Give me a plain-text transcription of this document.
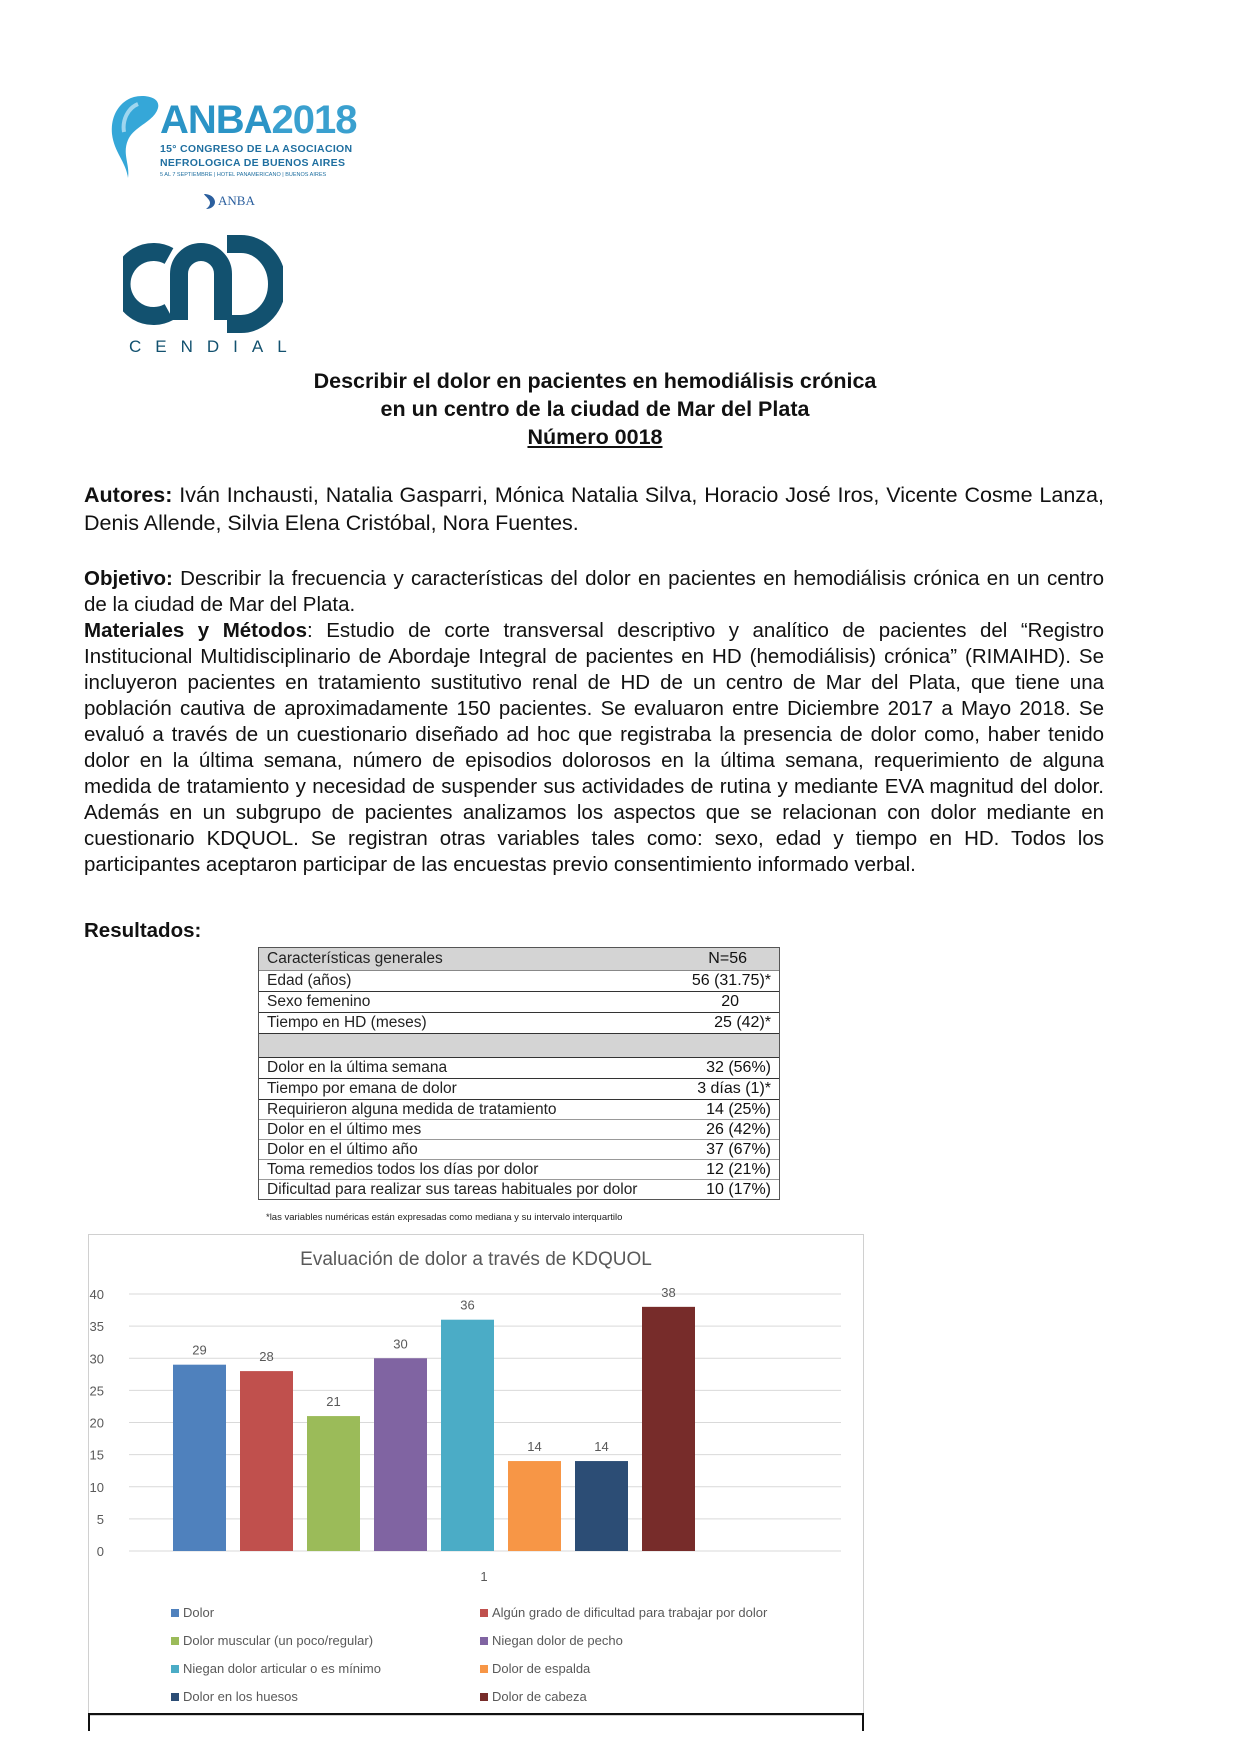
ANBA2018
15° CONGRESO DE LA ASOCIACION
NEFROLOGICA DE BUENOS AIRES
5 AL 7 SEPTIEMBRE | HOTEL PANAMERICANO | BUENOS AIRES
ANBA
CENDIAL
Describir el dolor en pacientes en hemodiálisis crónica
en un centro de la ciudad de Mar del Plata
Número 0018
Autores: Iván Inchausti, Natalia Gasparri, Mónica Natalia Silva, Horacio José Iros, Vicente Cosme Lanza, Denis Allende, Silvia Elena Cristóbal, Nora Fuentes.
Objetivo: Describir la frecuencia y características del dolor en pacientes en hemodiálisis crónica en un centro de la ciudad de Mar del Plata.
Materiales y Métodos: Estudio de corte transversal descriptivo y analítico de pacientes del “Registro Institucional Multidisciplinario de Abordaje Integral de pacientes en HD (hemodiálisis) crónica” (RIMAIHD). Se incluyeron pacientes en tratamiento sustitutivo renal de HD de un centro de Mar del Plata, que tiene una población cautiva de aproximadamente 150 pacientes. Se evaluaron entre Diciembre 2017 a Mayo 2018. Se evaluó a través de un cuestionario diseñado ad hoc que registraba la presencia de dolor como, haber tenido dolor en la última semana, número de episodios dolorosos en la última semana, requerimiento de alguna medida de tratamiento y necesidad de suspender sus actividades de rutina y mediante EVA magnitud del dolor. Además en un subgrupo de pacientes analizamos los aspectos que se relacionan con dolor mediante en cuestionario KDQUOL. Se registran otras variables tales como: sexo, edad y tiempo en HD. Todos los participantes aceptaron participar de las encuestas previo consentimiento informado verbal.
Resultados:
Características generales	N=56
Edad (años)	56 (31.75)*
Sexo femenino	20
Tiempo en HD (meses)	25 (42)*
Dolor en la última semana	32 (56%)
Tiempo por emana de dolor	3 días (1)*
Requirieron alguna medida de tratamiento	14 (25%)
Dolor en el último mes	26 (42%)
Dolor en el último año	37 (67%)
Toma remedios todos los días por dolor	12 (21%)
Dificultad para realizar sus tareas habituales por dolor	10 (17%)
*las variables numéricas están expresadas como mediana y su intervalo interquartilo
Evaluación de dolor a través de KDQUOL
0
5
10
15
20
25
30
35
40
29	28
21
30
36
14	14
38
1
Dolor	Algún grado de dificultad para trabajar por dolor
Dolor muscular (un poco/regular)	Niegan dolor de pecho
Niegan dolor articular o es mínimo	Dolor de espalda
Dolor en los huesos	Dolor de cabeza
